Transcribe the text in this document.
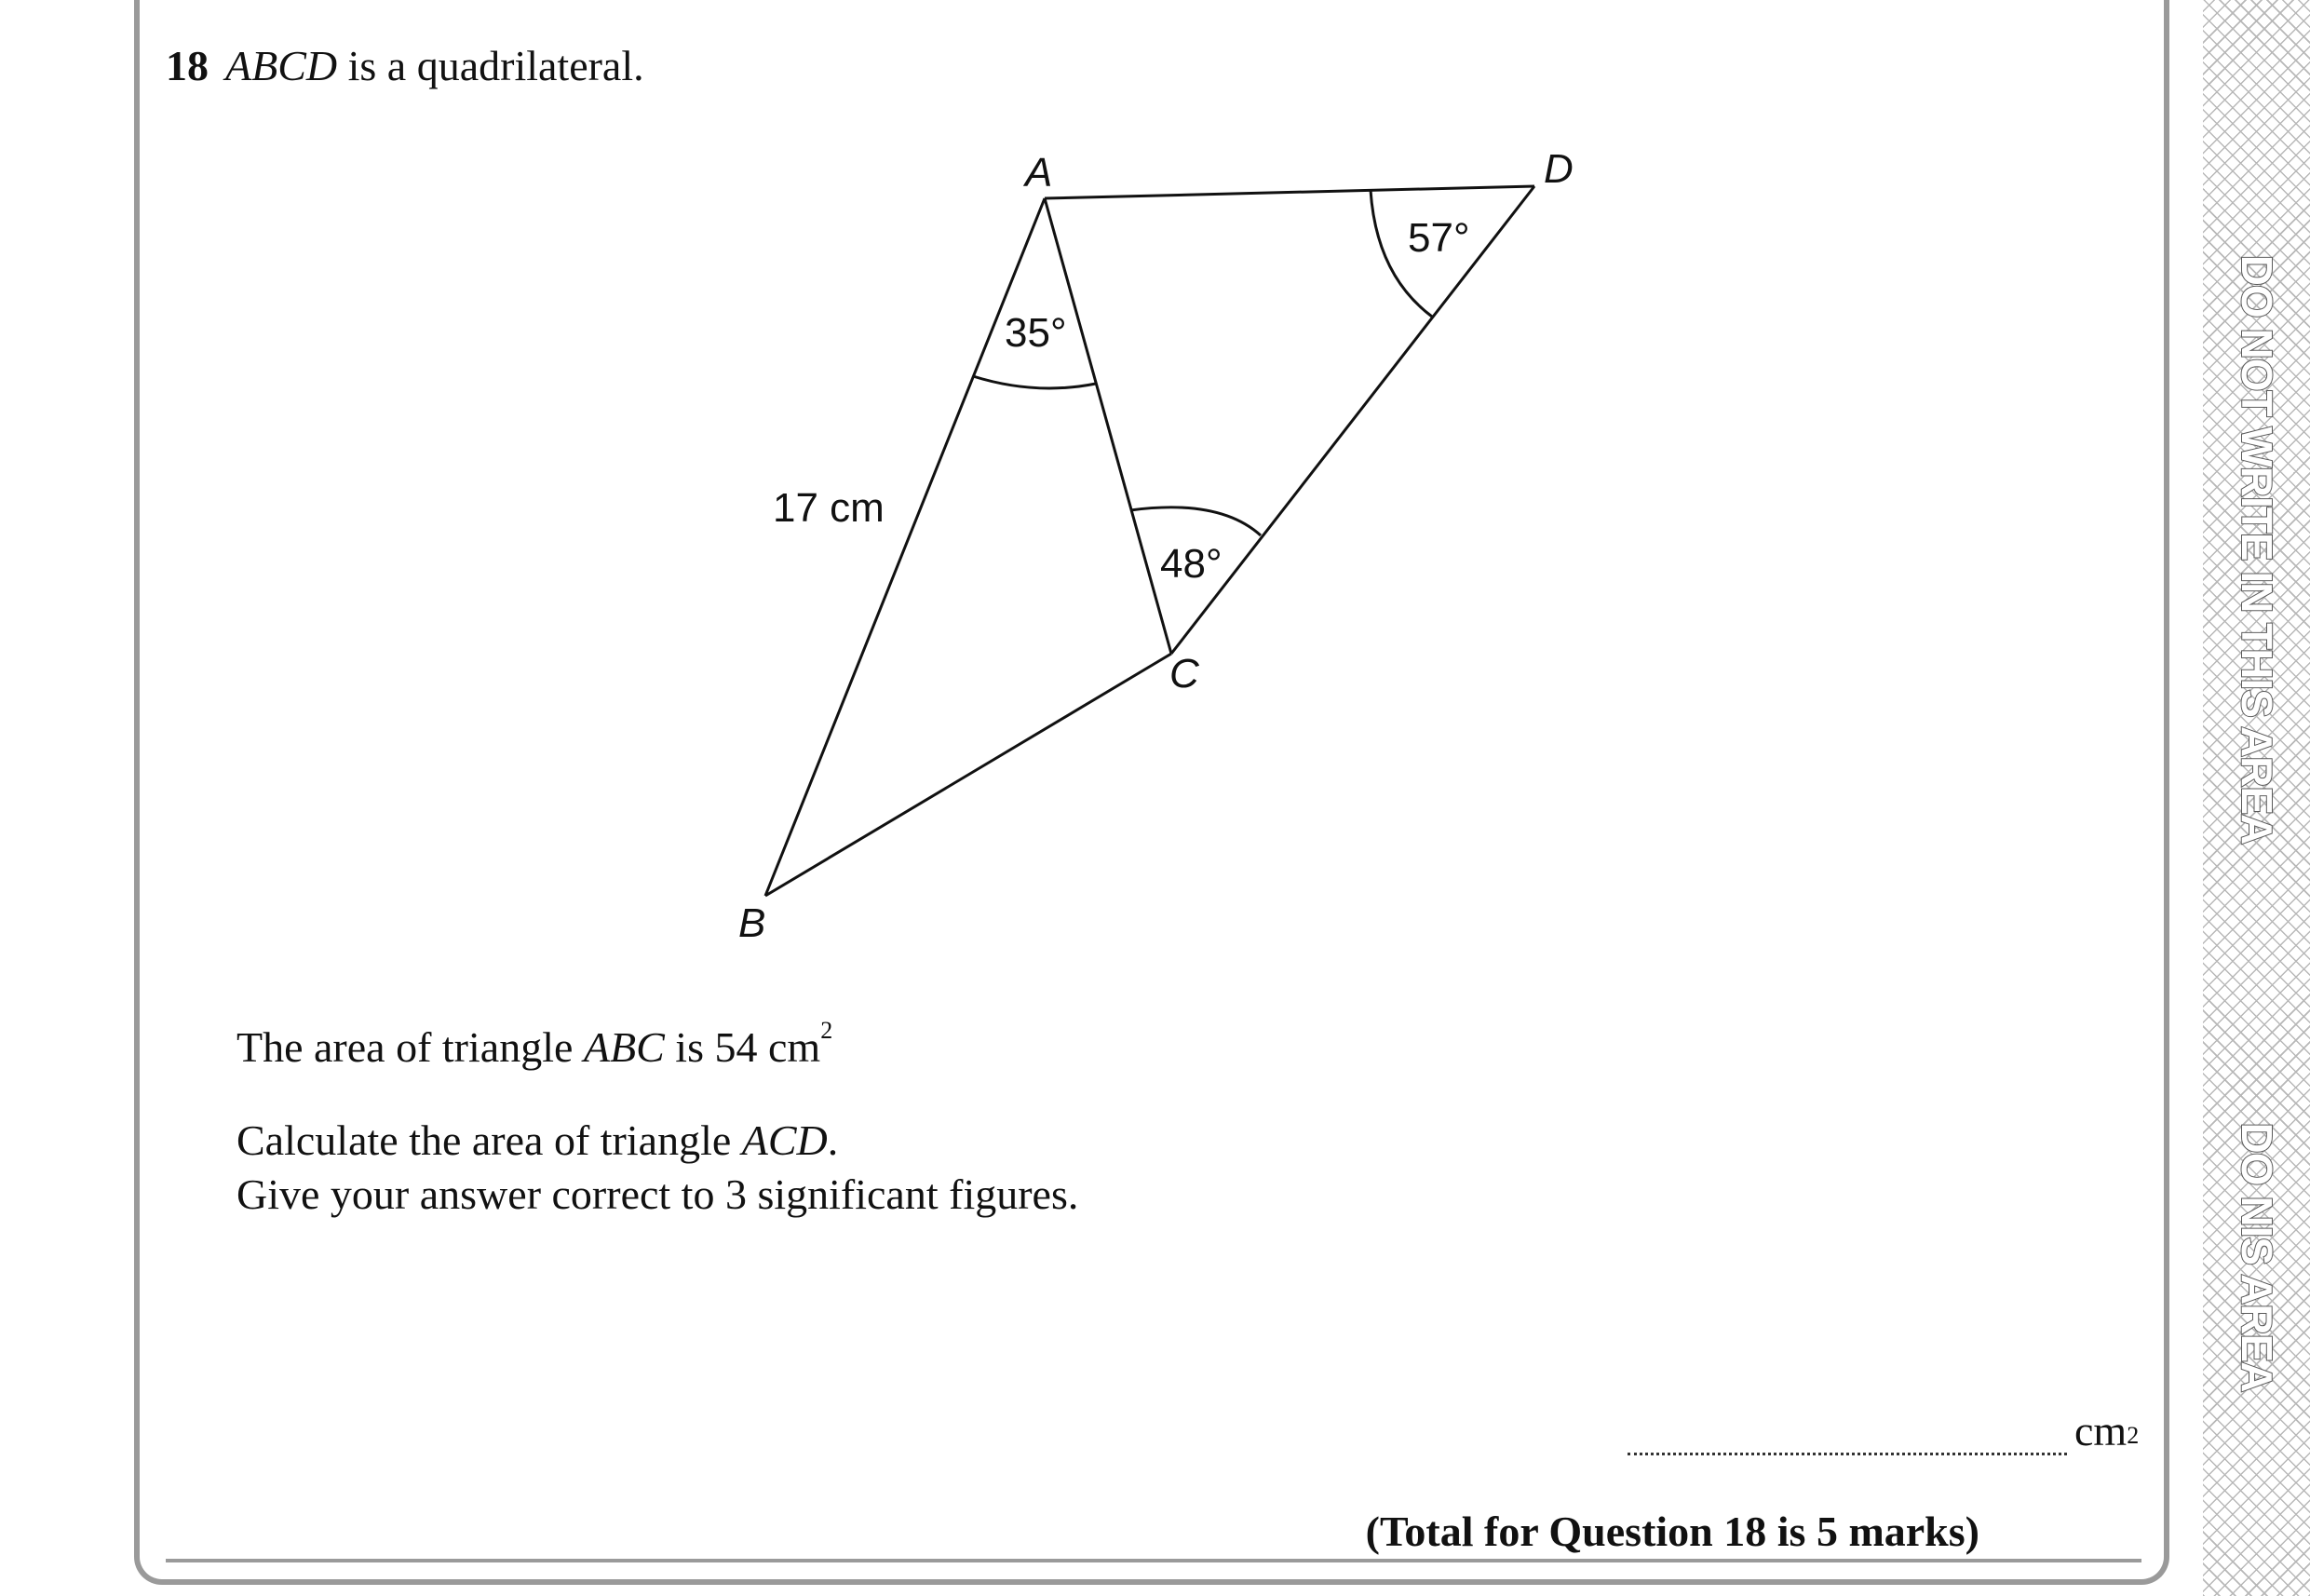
18 ABCD is a quadrilateral.
A	D
B
C
17 cm
35°
48°
57°
The area of triangle ABC is 54 $cm^2$
Calculate the area of triangle ACD.
Give your answer correct to 3 significant figures.
$cm^2$
(Total for Question 18 is 5 marks)
